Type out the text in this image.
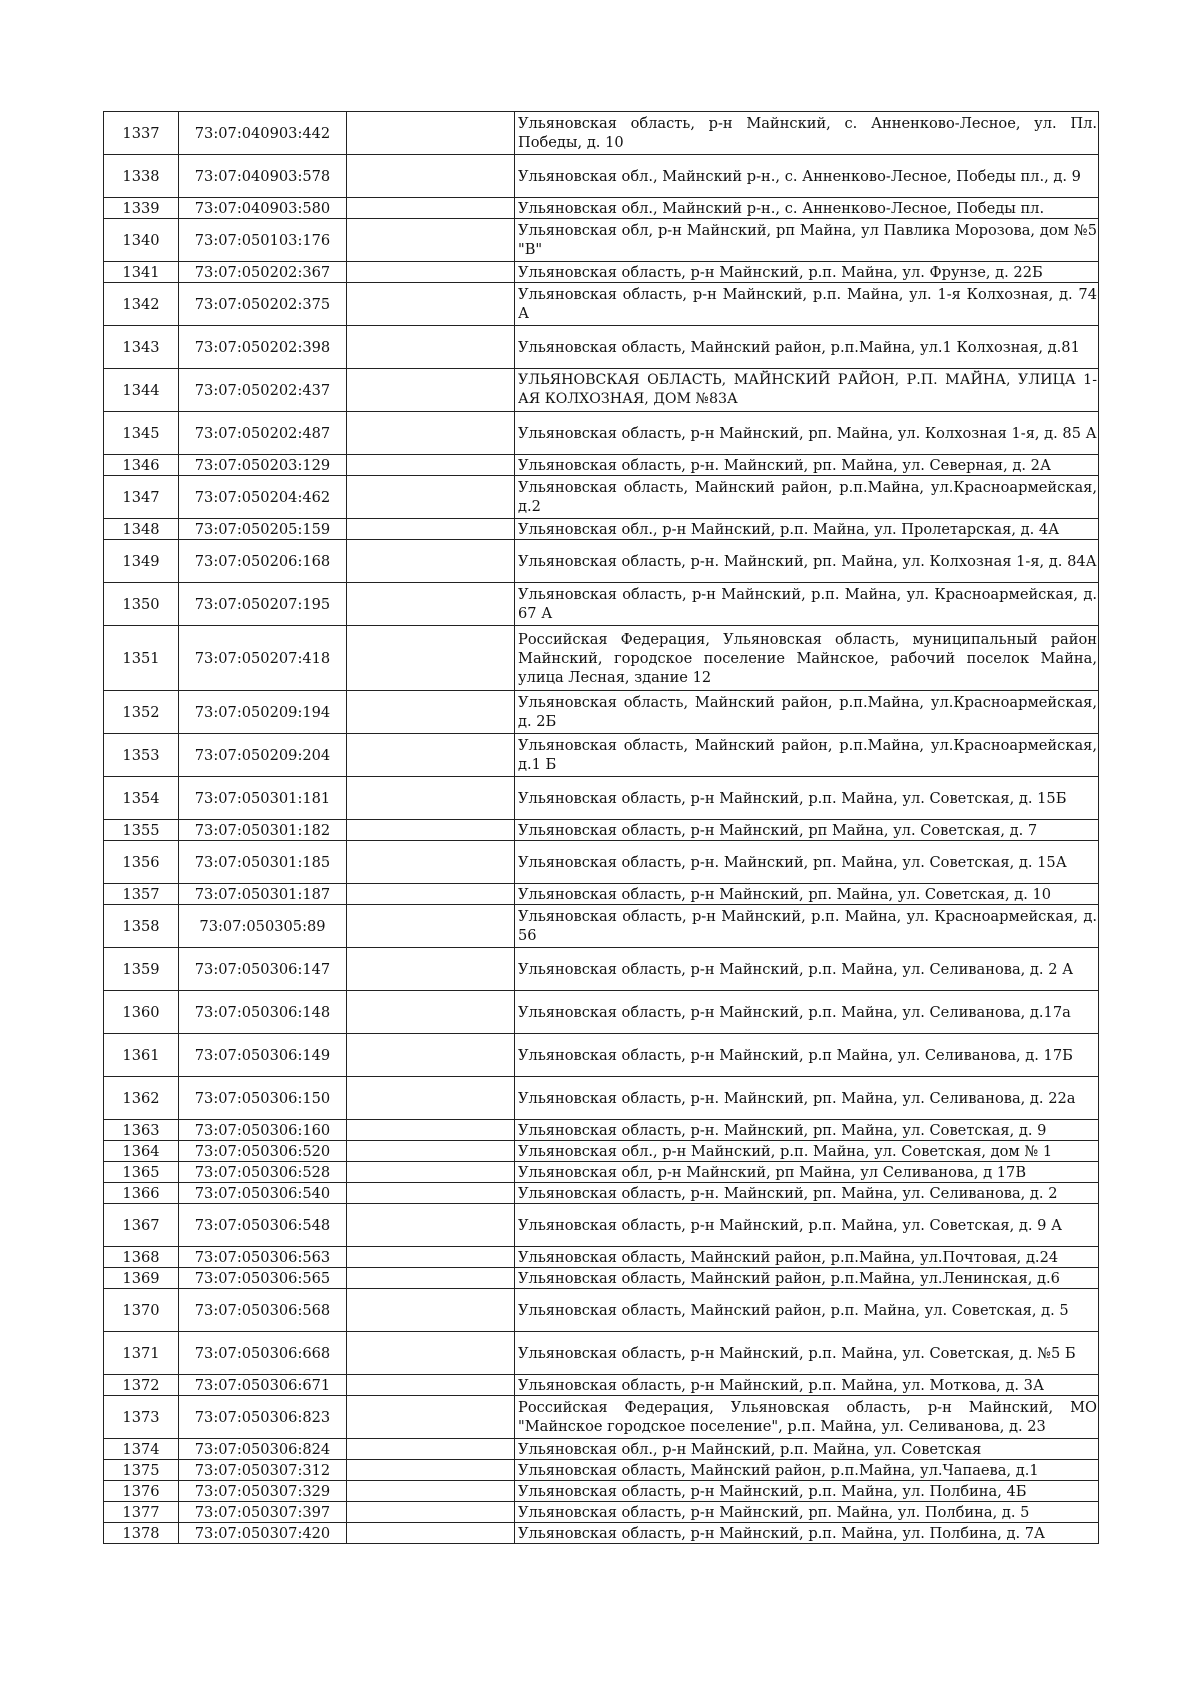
1337	73:07:040903:442		Ульяновская область, р-н Майнский, с. Анненково-Лесное, ул. Пл. Победы, д. 10
1338	73:07:040903:578		Ульяновская обл., Майнский р-н., с. Анненково-Лесное, Победы пл., д. 9
1339	73:07:040903:580		Ульяновская обл., Майнский р-н., с. Анненково-Лесное, Победы пл.
1340	73:07:050103:176		Ульяновская обл, р-н Майнский, рп Майна, ул Павлика Морозова, дом №5 "В"
1341	73:07:050202:367		Ульяновская область, р-н Майнский, р.п. Майна, ул. Фрунзе, д. 22Б
1342	73:07:050202:375		Ульяновская область, р-н Майнский, р.п. Майна, ул. 1-я Колхозная, д. 74 А
1343	73:07:050202:398		Ульяновская область, Майнский район, р.п.Майна, ул.1 Колхозная, д.81
1344	73:07:050202:437		УЛЬЯНОВСКАЯ ОБЛАСТЬ, МАЙНСКИЙ РАЙОН, Р.П. МАЙНА, УЛИЦА 1-АЯ КОЛХОЗНАЯ, ДОМ №83А
1345	73:07:050202:487		Ульяновская область, р-н Майнский, рп. Майна, ул. Колхозная 1-я, д. 85 А
1346	73:07:050203:129		Ульяновская область, р-н. Майнский, рп. Майна, ул. Северная, д. 2А
1347	73:07:050204:462		Ульяновская область, Майнский район, р.п.Майна, ул.Красноармейская, д.2
1348	73:07:050205:159		Ульяновская обл., р-н Майнский, р.п. Майна, ул. Пролетарская, д. 4А
1349	73:07:050206:168		Ульяновская область, р-н. Майнский, рп. Майна, ул. Колхозная 1-я, д. 84А
1350	73:07:050207:195		Ульяновская область, р-н Майнский, р.п. Майна, ул. Красноармейская, д. 67 А
1351	73:07:050207:418		Российская Федерация, Ульяновская область, муниципальный район Майнский, городское поселение Майнское, рабочий поселок Майна, улица Лесная, здание 12
1352	73:07:050209:194		Ульяновская область, Майнский район, р.п.Майна, ул.Красноармейская, д. 2Б
1353	73:07:050209:204		Ульяновская область, Майнский район, р.п.Майна, ул.Красноармейская, д.1 Б
1354	73:07:050301:181		Ульяновская область, р-н Майнский, р.п. Майна, ул. Советская, д. 15Б
1355	73:07:050301:182		Ульяновская область, р-н Майнский, рп Майна, ул. Советская, д. 7
1356	73:07:050301:185		Ульяновская область, р-н. Майнский, рп. Майна, ул. Советская, д. 15А
1357	73:07:050301:187		Ульяновская область, р-н Майнский, рп. Майна, ул. Советская, д. 10
1358	73:07:050305:89		Ульяновская область, р-н Майнский, р.п. Майна, ул. Красноармейская, д. 56
1359	73:07:050306:147		Ульяновская область, р-н Майнский, р.п. Майна, ул. Селиванова, д. 2 А
1360	73:07:050306:148		Ульяновская область, р-н Майнский, р.п. Майна, ул. Селиванова, д.17а
1361	73:07:050306:149		Ульяновская область, р-н Майнский, р.п Майна, ул. Селиванова, д. 17Б
1362	73:07:050306:150		Ульяновская область, р-н. Майнский, рп. Майна, ул. Селиванова, д. 22а
1363	73:07:050306:160		Ульяновская область, р-н. Майнский, рп. Майна, ул. Советская, д. 9
1364	73:07:050306:520		Ульяновская обл., р-н Майнский, р.п. Майна, ул. Советская, дом № 1
1365	73:07:050306:528		Ульяновская обл, р-н Майнский, рп Майна, ул Селиванова, д 17В
1366	73:07:050306:540		Ульяновская область, р-н. Майнский, рп. Майна, ул. Селиванова, д. 2
1367	73:07:050306:548		Ульяновская область, р-н Майнский, р.п. Майна, ул. Советская, д. 9 А
1368	73:07:050306:563		Ульяновская область, Майнский район, р.п.Майна, ул.Почтовая, д.24
1369	73:07:050306:565		Ульяновская область, Майнский район, р.п.Майна, ул.Ленинская, д.6
1370	73:07:050306:568		Ульяновская область, Майнский район, р.п. Майна, ул. Советская, д. 5
1371	73:07:050306:668		Ульяновская область, р-н Майнский, р.п. Майна, ул. Советская, д. №5 Б
1372	73:07:050306:671		Ульяновская область, р-н Майнский, р.п. Майна, ул. Моткова, д. 3А
1373	73:07:050306:823		Российская Федерация, Ульяновская область, р-н Майнский, МО "Майнское городское поселение", р.п. Майна, ул. Селиванова, д. 23
1374	73:07:050306:824		Ульяновская обл., р-н Майнский, р.п. Майна, ул. Советская
1375	73:07:050307:312		Ульяновская область, Майнский район, р.п.Майна, ул.Чапаева, д.1
1376	73:07:050307:329		Ульяновская область, р-н Майнский, р.п. Майна, ул. Полбина, 4Б
1377	73:07:050307:397		Ульяновская область, р-н Майнский, рп. Майна, ул. Полбина, д. 5
1378	73:07:050307:420		Ульяновская область, р-н Майнский, р.п. Майна, ул. Полбина, д. 7А
